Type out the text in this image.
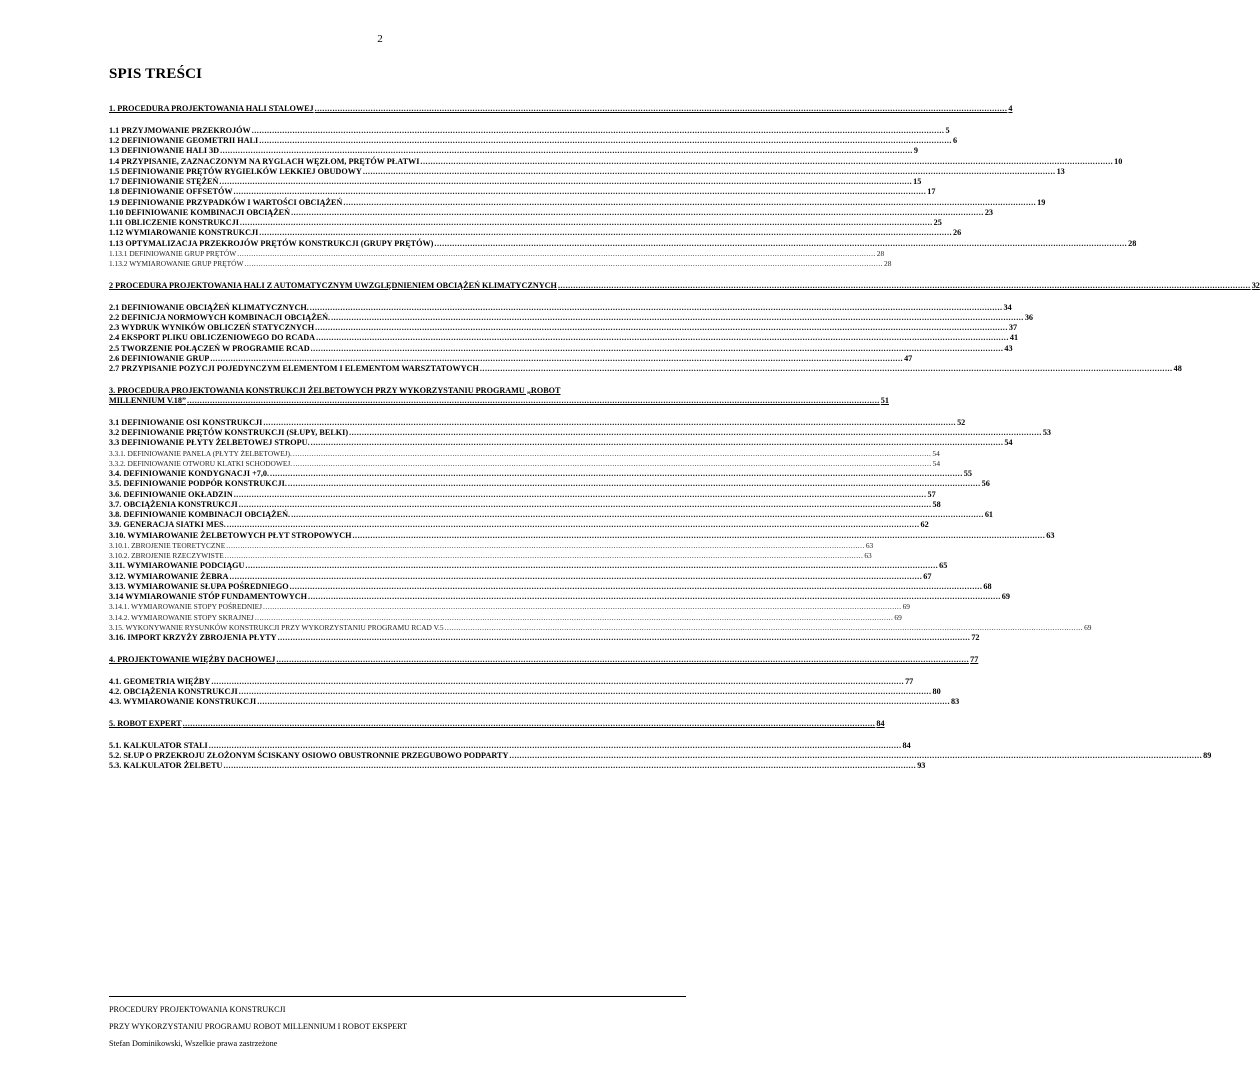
2
SPIS TREŚCI
1. PROCEDURA PROJEKTOWANIA HALI STALOWEJ .....	4
1.1 PRZYJMOWANIE PRZEKROJÓW .....	5
1.2 DEFINIOWANIE GEOMETRII HALI .....	6
1.3 DEFINIOWANIE HALI 3D .....	9
1.4 PRZYPISANIE, ZAZNACZONYM NA RYGLACH WĘZŁOM, PRĘTÓW PŁATWI .....	10
1.5 DEFINIOWANIE PRĘTÓW RYGIELKÓW LEKKIEJ OBUDOWY .....	13
1.7 DEFINIOWANIE STĘŻEŃ .....	15
1.8 DEFINIOWANIE OFFSETÓW .....	17
1.9 DEFINIOWANIE PRZYPADKÓW I WARTOŚCI OBCIĄŻEŃ .....	19
1.10 DEFINIOWANIE KOMBINACJI OBCIĄŻEŃ .....	23
1.11 OBLICZENIE KONSTRUKCJI .....	25
1.12 WYMIAROWANIE KONSTRUKCJI .....	26
1.13 OPTYMALIZACJA PRZEKROJÓW PRĘTÓW KONSTRUKCJI (GRUPY PRĘTÓW) .....	28
1.13.1 DEFINIOWANIE GRUP PRĘTÓW .....	28
1.13.2 WYMIAROWANIE GRUP PRĘTÓW .....	28
2 PROCEDURA PROJEKTOWANIA HALI Z AUTOMATYCZNYM UWZGLĘDNIENIEM OBCIĄŻEŃ KLIMATYCZNYCH .....	32
2.1 DEFINIOWANIE OBCIĄŻEŃ KLIMATYCZNYCH. .....	34
2.2 DEFINICJA NORMOWYCH KOMBINACJI OBCIĄŻEŃ. .....	36
2.3 WYDRUK WYNIKÓW OBLICZEŃ STATYCZNYCH .....	37
2.4 EKSPORT PLIKU OBLICZENIOWEGO DO RCADA .....	41
2.5 TWORZENIE POŁĄCZEŃ W PROGRAMIE RCAD .....	43
2.6 DEFINIOWANIE GRUP .....	47
2.7 PRZYPISANIE POZYCJI POJEDYNCZYM ELEMENTOM I ELEMENTOM WARSZTATOWYCH .....	48
3. PROCEDURA PROJEKTOWANIA KONSTRUKCJI ŻELBETOWYCH PRZY WYKORZYSTANIU PROGRAMU „ROBOT
MILLENNIUM V.18” .....	51
3.1 DEFINIOWANIE OSI KONSTRUKCJI .....	52
3.2 DEFINIOWANIE PRĘTÓW KONSTRUKCJI (SŁUPY, BELKI) .....	53
3.3 DEFINIOWANIE PŁYTY ŻELBETOWEJ STROPU. .....	54
3.3.1. DEFINIOWANIE PANELA (PŁYTY ŻELBETOWEJ). .....	54
3.3.2. DEFINIOWANIE OTWORU KLATKI SCHODOWEJ. .....	54
3.4. DEFINIOWANIE KONDYGNACJI +7,0. .....	55
3.5. DEFINIOWANIE PODPÓR KONSTRUKCJI. .....	56
3.6. DEFINIOWANIE OKŁADZIN .....	57
3.7. OBCIĄŻENIA KONSTRUKCJI .....	58
3.8. DEFINIOWANIE KOMBINACJI OBCIĄŻEŃ. .....	61
3.9. GENERACJA SIATKI MES. .....	62
3.10. WYMIAROWANIE ŻELBETOWYCH PŁYT STROPOWYCH .....	63
3.10.1. ZBROJENIE TEORETYCZNE .....	63
3.10.2. ZBROJENIE RZECZYWISTE .....	63
3.11. WYMIAROWANIE PODCIĄGU .....	65
3.12. WYMIAROWANIE ŻEBRA .....	67
3.13. WYMIAROWANIE SŁUPA POŚREDNIEGO .....	68
3.14 WYMIAROWANIE STÓP FUNDAMENTOWYCH .....	69
3.14.1. WYMIAROWANIE STOPY POŚREDNIEJ .....	69
3.14.2. WYMIAROWANIE STOPY SKRAJNEJ .....	69
3.15. WYKONYWANIE RYSUNKÓW KONSTRUKCJI PRZY WYKORZYSTANIU PROGRAMU RCAD V.5 .....	69
3.16. IMPORT KRZYŻY ZBROJENIA PŁYTY .....	72
4. PROJEKTOWANIE WIĘŹBY DACHOWEJ .....	77
4.1. GEOMETRIA WIĘŹBY .....	77
4.2. OBCIĄŻENIA KONSTRUKCJI .....	80
4.3. WYMIAROWANIE KONSTRUKCJI .....	83
5. ROBOT EXPERT .....	84
5.1. KALKULATOR STALI .....	84
5.2. SŁUP O PRZEKROJU ZŁOŻONYM ŚCISKANY OSIOWO OBUSTRONNIE PRZEGUBOWO PODPARTY .....	89
5.3. KALKULATOR ŻELBETU .....	93
PROCEDURY PROJEKTOWANIA KONSTRUKCJI
PRZY WYKORZYSTANIU PROGRAMU ROBOT MILLENNIUM I ROBOT EKSPERT
Stefan Dominikowski, Wszelkie prawa zastrzeżone
